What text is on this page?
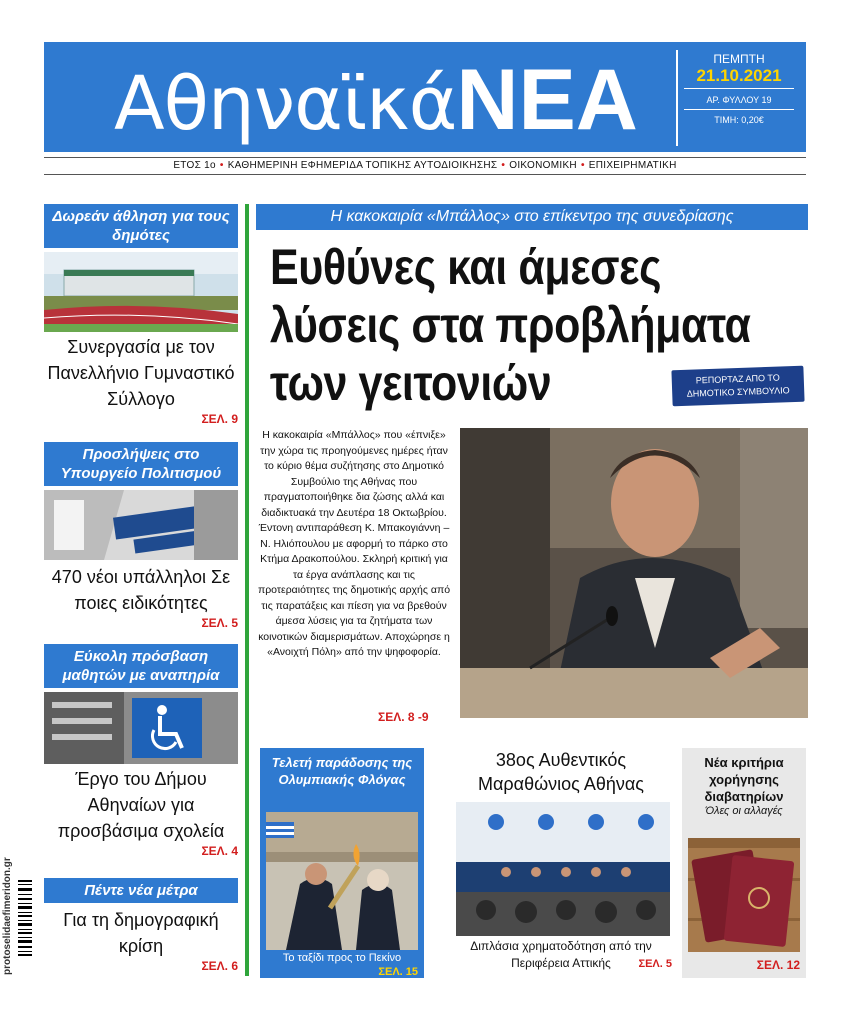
ΑθηναϊκάΝΕΑ	ΠΕΜΠΤΗ
21.10.2021
ΑΡ. ΦΥΛΛΟΥ 19
ΤΙΜΗ: 0,20€
ΕΤΟΣ 1ο • ΚΑΘΗΜΕΡΙΝΗ ΕΦΗΜΕΡΙΔΑ ΤΟΠΙΚΗΣ ΑΥΤΟΔΙΟΙΚΗΣΗΣ • ΟΙΚΟΝΟΜΙΚΗ • ΕΠΙΧΕΙΡΗΜΑΤΙΚΗ
Δωρεάν άθληση για τους δημότες
Συνεργασία με τον Πανελλήνιο Γυμναστικό Σύλλογο
ΣΕΛ. 9
Προσλήψεις στο Υπουργείο Πολιτισμού
470 νέοι υπάλληλοι Σε ποιες ειδικότητες
ΣΕΛ. 5
Εύκολη πρόσβαση μαθητών με αναπηρία
Έργο του Δήμου Αθηναίων για προσβάσιμα σχολεία
ΣΕΛ. 4
Πέντε νέα μέτρα
Για τη δημογραφική κρίση
ΣΕΛ. 6
protoselidaefimeridon.gr
Η κακοκαιρία «Μπάλλος» στο επίκεντρο της συνεδρίασης
Ευθύνες και άμεσες
λύσεις στα προβλήματα
των γειτονιών	ΡΕΠΟΡΤΑΖ ΑΠΟ ΤΟ ΔΗΜΟΤΙΚΟ ΣΥΜΒΟΥΛΙΟ
Η κακοκαιρία «Μπάλλος» που «έπνιξε» την χώρα τις προηγούμενες ημέρες ήταν το κύριο θέμα συζήτησης στο Δημοτικό Συμβούλιο της Αθήνας που πραγματοποιήθηκε δια ζώσης αλλά και διαδικτυακά την Δευτέρα 18 Οκτωβρίου. Έντονη αντιπαράθεση Κ. Μπακογιάννη – Ν. Ηλιόπουλου με αφορμή το πάρκο στο Κτήμα Δρακοπούλου. Σκληρή κριτική για τα έργα ανάπλασης και τις προτεραιότητες της δημοτικής αρχής από τις παρατάξεις και πίεση για να βρεθούν άμεσα λύσεις για τα ζητήματα των κοινοτικών διαμερισμάτων. Αποχώρησε η «Ανοιχτή Πόλη» από την ψηφοφορία.
ΣΕΛ. 8 -9
Τελετή παράδοσης της Ολυμπιακής Φλόγας
Το ταξίδι προς το Πεκίνο
ΣΕΛ. 15
38ος Αυθεντικός Μαραθώνιος Αθήνας
Διπλάσια χρηματοδότηση από την Περιφέρεια Αττικής	ΣΕΛ. 5
Νέα κριτήρια χορήγησης διαβατηρίων
Όλες οι αλλαγές
ΣΕΛ. 12
